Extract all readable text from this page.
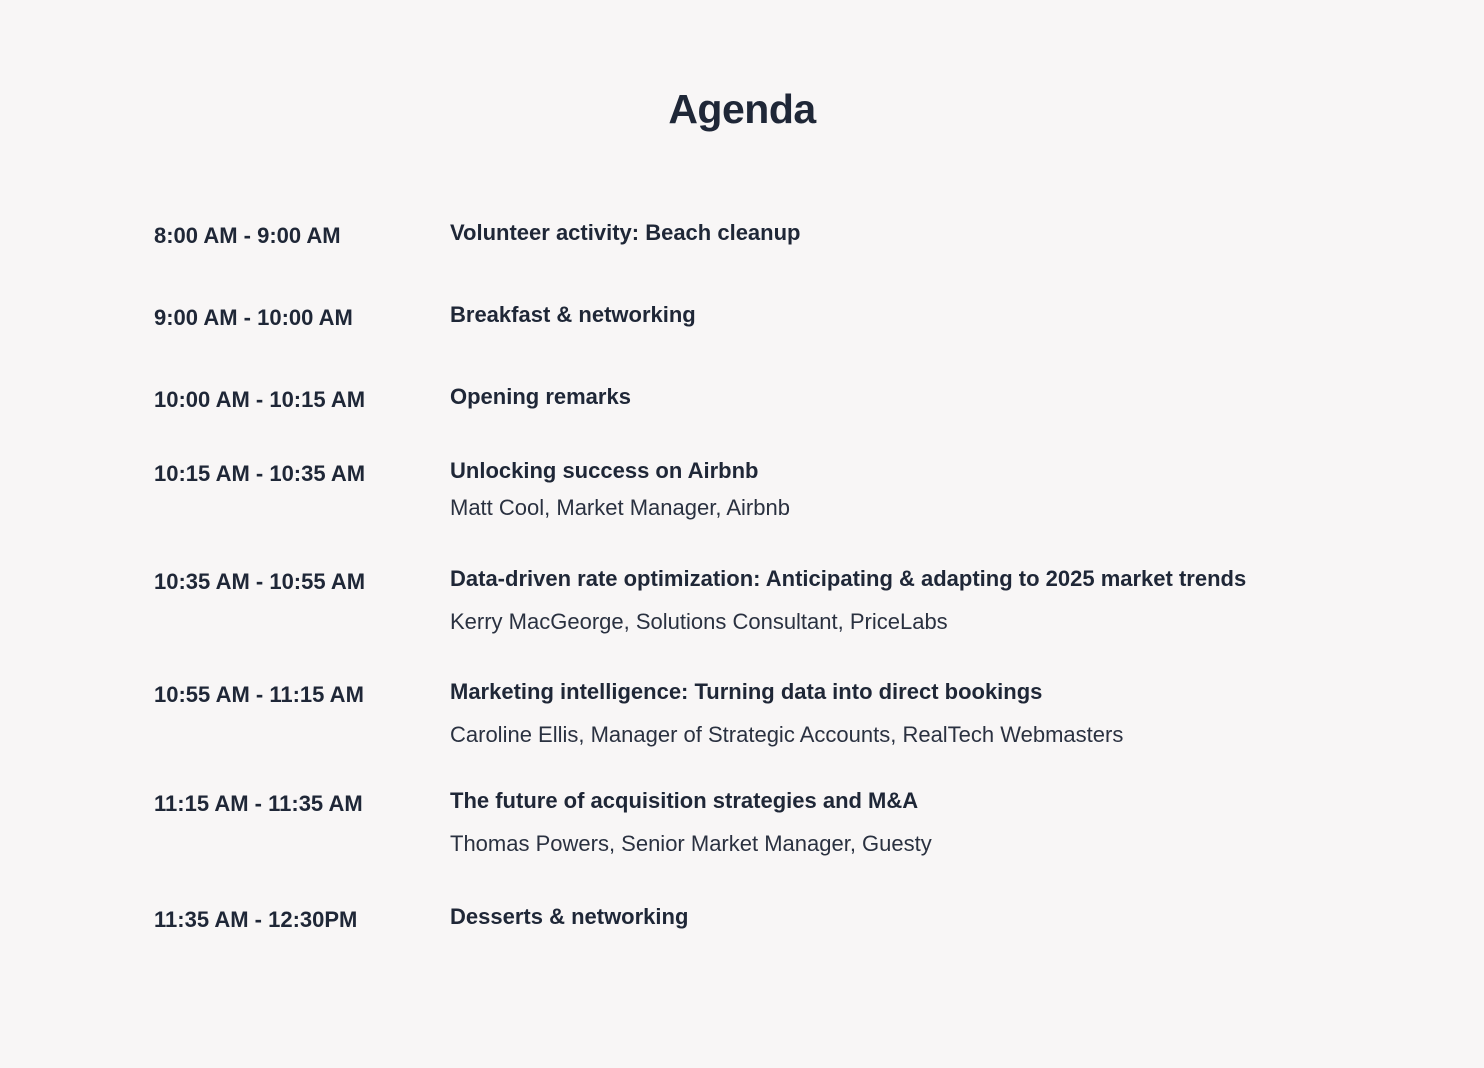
Agenda
8:00 AM - 9:00 AM	Volunteer activity: Beach cleanup
9:00 AM - 10:00 AM	Breakfast & networking
10:00 AM - 10:15 AM	Opening remarks
10:15 AM - 10:35 AM	Unlocking success on Airbnb
Matt Cool, Market Manager, Airbnb
10:35 AM - 10:55 AM	Data-driven rate optimization: Anticipating & adapting to 2025 market trends
Kerry MacGeorge, Solutions Consultant, PriceLabs
10:55 AM - 11:15 AM	Marketing intelligence: Turning data into direct bookings
Caroline Ellis, Manager of Strategic Accounts, RealTech Webmasters
11:15 AM - 11:35 AM	The future of acquisition strategies and M&A
Thomas Powers, Senior Market Manager, Guesty
11:35 AM - 12:30PM	Desserts & networking
